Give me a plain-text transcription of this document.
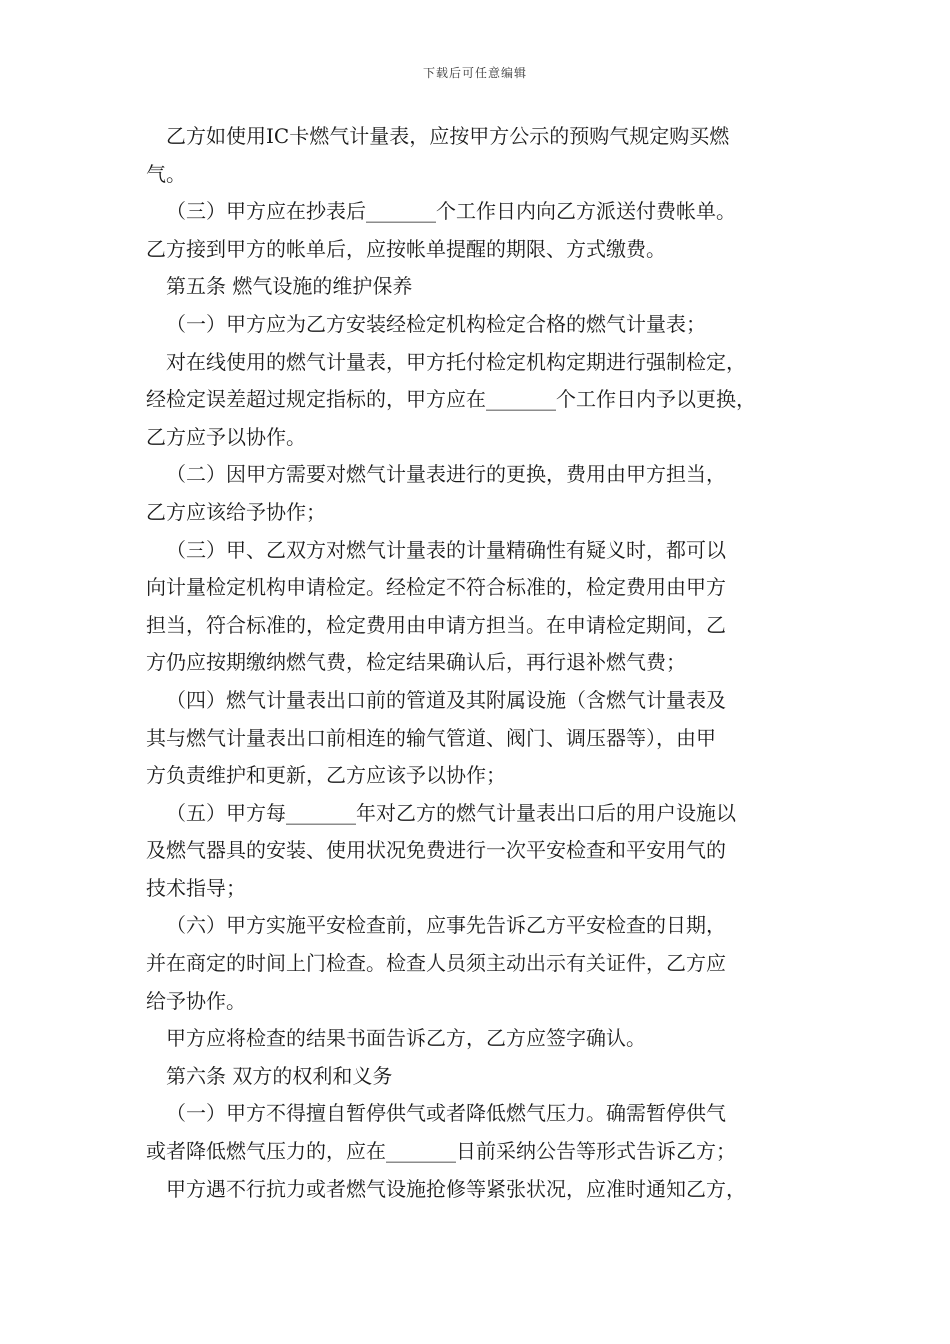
下载后可任意编辑
乙方如使用IC卡燃气计量表，应按甲方公示的预购气规定购买燃
气。
（三）甲方应在抄表后_______个工作日内向乙方派送付费帐单。
乙方接到甲方的帐单后，应按帐单提醒的期限、方式缴费。
第五条 燃气设施的维护保养
（一）甲方应为乙方安装经检定机构检定合格的燃气计量表；
对在线使用的燃气计量表，甲方托付检定机构定期进行强制检定，
经检定误差超过规定指标的，甲方应在_______个工作日内予以更换，
乙方应予以协作。
（二）因甲方需要对燃气计量表进行的更换，费用由甲方担当，
乙方应该给予协作；
（三）甲、乙双方对燃气计量表的计量精确性有疑义时，都可以
向计量检定机构申请检定。经检定不符合标准的，检定费用由甲方
担当，符合标准的，检定费用由申请方担当。在申请检定期间，乙
方仍应按期缴纳燃气费，检定结果确认后，再行退补燃气费；
（四）燃气计量表出口前的管道及其附属设施（含燃气计量表及
其与燃气计量表出口前相连的输气管道、阀门、调压器等），由甲
方负责维护和更新，乙方应该予以协作；
（五）甲方每_______年对乙方的燃气计量表出口后的用户设施以
及燃气器具的安装、使用状况免费进行一次平安检查和平安用气的
技术指导；
（六）甲方实施平安检查前，应事先告诉乙方平安检查的日期，
并在商定的时间上门检查。检查人员须主动出示有关证件，乙方应
给予协作。
甲方应将检查的结果书面告诉乙方，乙方应签字确认。
第六条 双方的权利和义务
（一）甲方不得擅自暂停供气或者降低燃气压力。确需暂停供气
或者降低燃气压力的，应在_______日前采纳公告等形式告诉乙方；
甲方遇不行抗力或者燃气设施抢修等紧张状况，应准时通知乙方，
